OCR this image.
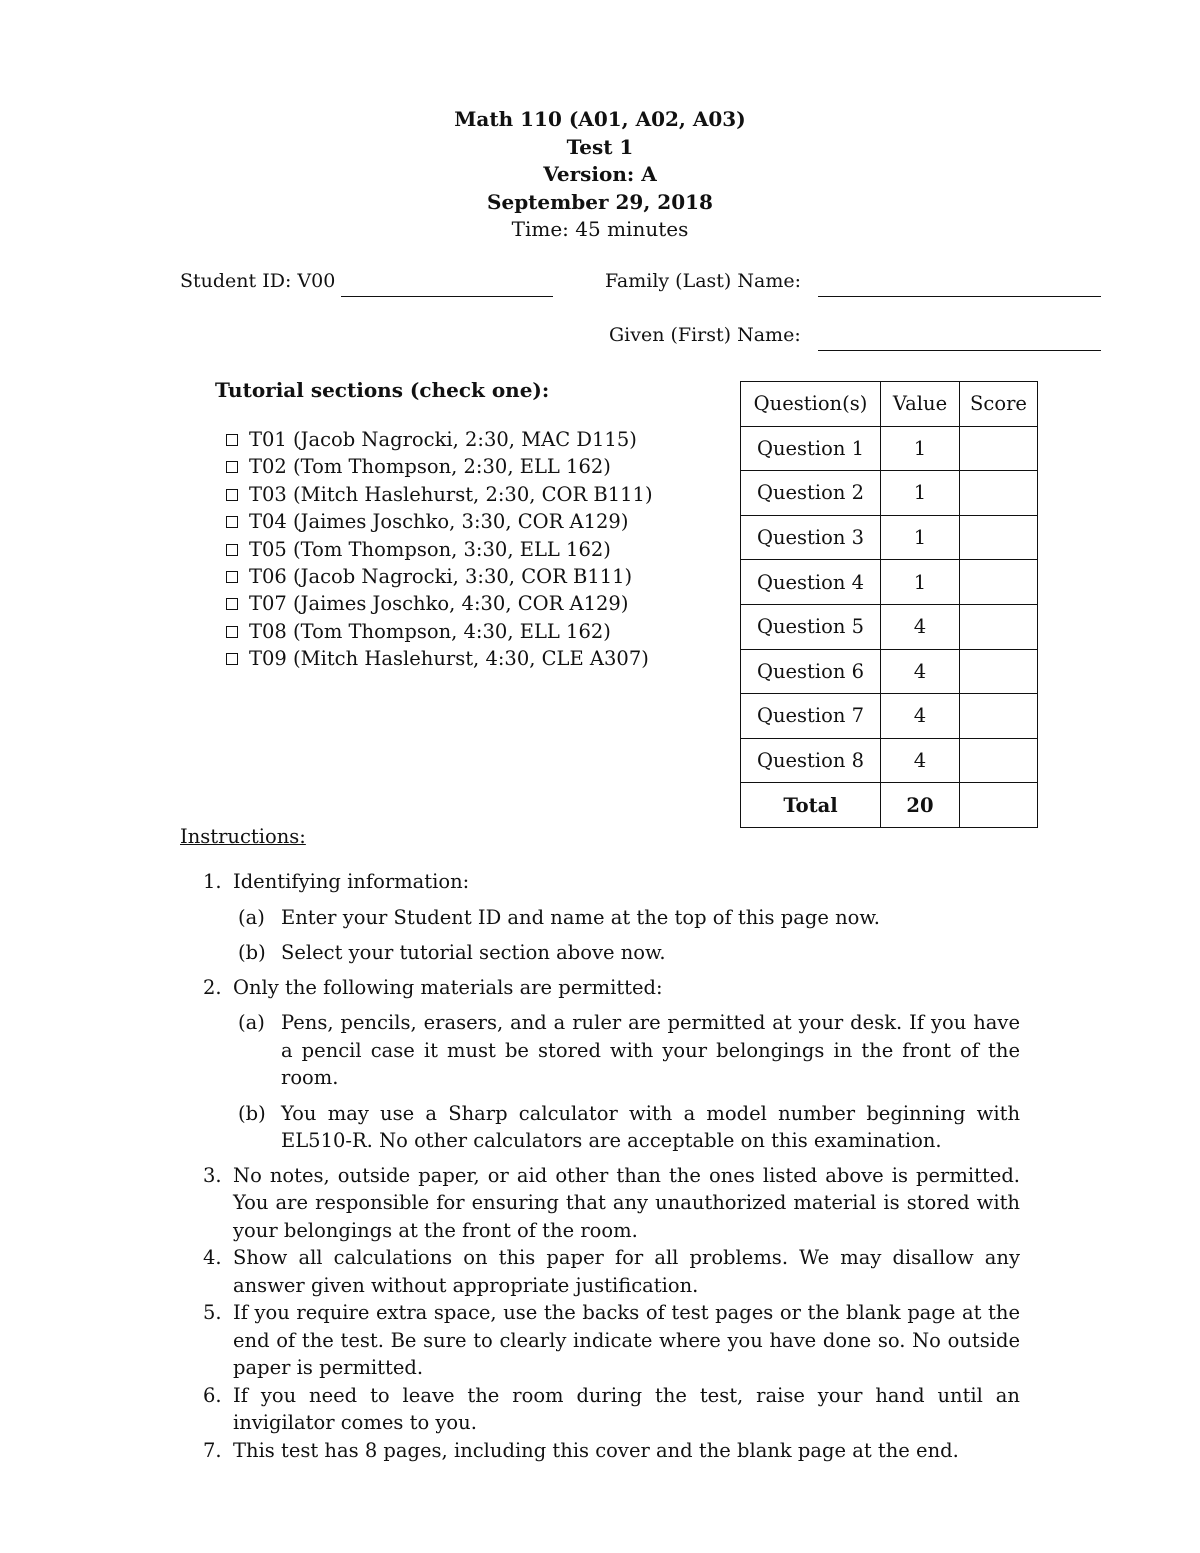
Math 110 (A01, A02, A03)
Test 1
Version: A
September 29, 2018
Time: 45 minutes
Student ID: V00	Family (Last) Name:
Given (First) Name:
Tutorial sections (check one):
T01 (Jacob Nagrocki, 2:30, MAC D115)
T02 (Tom Thompson, 2:30, ELL 162)
T03 (Mitch Haslehurst, 2:30, COR B111)
T04 (Jaimes Joschko, 3:30, COR A129)
T05 (Tom Thompson, 3:30, ELL 162)
T06 (Jacob Nagrocki, 3:30, COR B111)
T07 (Jaimes Joschko, 4:30, COR A129)
T08 (Tom Thompson, 4:30, ELL 162)
T09 (Mitch Haslehurst, 4:30, CLE A307)
Question(s)	Value	Score
Question 1	1	
Question 2	1	
Question 3	1	
Question 4	1	
Question 5	4	
Question 6	4	
Question 7	4	
Question 8	4	
Total	20	
Instructions:
1. Identifying information:
(a) Enter your Student ID and name at the top of this page now.
(b) Select your tutorial section above now.
2. Only the following materials are permitted:
(a) Pens, pencils, erasers, and a ruler are permitted at your desk. If you have a pencil case it must be stored with your belongings in the front of the room.
(b) You may use a Sharp calculator with a model number beginning with EL510-R. No other calculators are acceptable on this examination.
3. No notes, outside paper, or aid other than the ones listed above is permitted. You are responsible for ensuring that any unauthorized material is stored with your belongings at the front of the room.
4. Show all calculations on this paper for all problems. We may disallow any answer given without appropriate justification.
5. If you require extra space, use the backs of test pages or the blank page at the end of the test. Be sure to clearly indicate where you have done so. No outside paper is permitted.
6. If you need to leave the room during the test, raise your hand until an invigilator comes to you.
7. This test has 8 pages, including this cover and the blank page at the end.
